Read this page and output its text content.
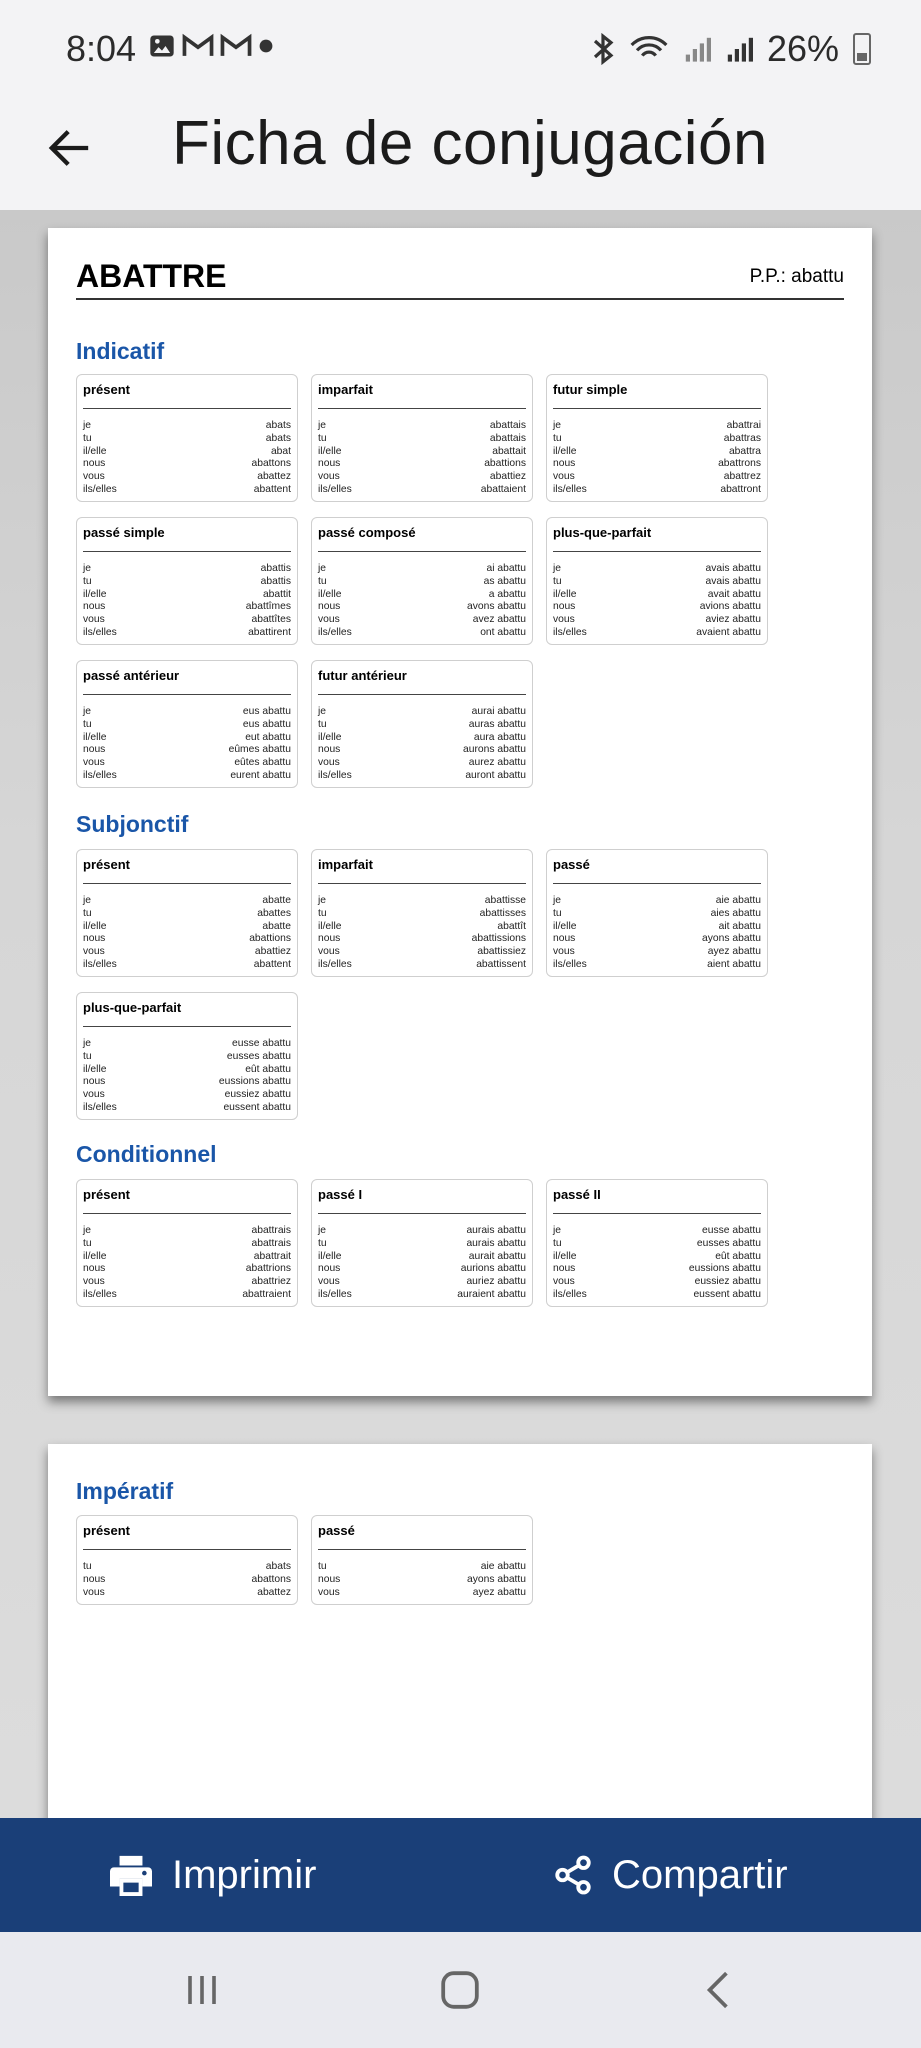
8:04	26%
Ficha de conjugación
ABATTRE	P.P.: abattu
Indicatif
présent
je	abats
tu	abats
il/elle	abat
nous	abattons
vous	abattez
ils/elles	abattent
imparfait
je	abattais
tu	abattais
il/elle	abattait
nous	abattions
vous	abattiez
ils/elles	abattaient
futur simple
je	abattrai
tu	abattras
il/elle	abattra
nous	abattrons
vous	abattrez
ils/elles	abattront
passé simple
je	abattis
tu	abattis
il/elle	abattit
nous	abattîmes
vous	abattîtes
ils/elles	abattirent
passé composé
je	ai abattu
tu	as abattu
il/elle	a abattu
nous	avons abattu
vous	avez abattu
ils/elles	ont abattu
plus-que-parfait
je	avais abattu
tu	avais abattu
il/elle	avait abattu
nous	avions abattu
vous	aviez abattu
ils/elles	avaient abattu
passé antérieur
je	eus abattu
tu	eus abattu
il/elle	eut abattu
nous	eûmes abattu
vous	eûtes abattu
ils/elles	eurent abattu
futur antérieur
je	aurai abattu
tu	auras abattu
il/elle	aura abattu
nous	aurons abattu
vous	aurez abattu
ils/elles	auront abattu
Subjonctif
présent
je	abatte
tu	abattes
il/elle	abatte
nous	abattions
vous	abattiez
ils/elles	abattent
imparfait
je	abattisse
tu	abattisses
il/elle	abattît
nous	abattissions
vous	abattissiez
ils/elles	abattissent
passé
je	aie abattu
tu	aies abattu
il/elle	ait abattu
nous	ayons abattu
vous	ayez abattu
ils/elles	aient abattu
plus-que-parfait
je	eusse abattu
tu	eusses abattu
il/elle	eût abattu
nous	eussions abattu
vous	eussiez abattu
ils/elles	eussent abattu
Conditionnel
présent
je	abattrais
tu	abattrais
il/elle	abattrait
nous	abattrions
vous	abattriez
ils/elles	abattraient
passé I
je	aurais abattu
tu	aurais abattu
il/elle	aurait abattu
nous	aurions abattu
vous	auriez abattu
ils/elles	auraient abattu
passé II
je	eusse abattu
tu	eusses abattu
il/elle	eût abattu
nous	eussions abattu
vous	eussiez abattu
ils/elles	eussent abattu
Impératif
présent
tu	abats
nous	abattons
vous	abattez
passé
tu	aie abattu
nous	ayons abattu
vous	ayez abattu
Imprimir	Compartir
